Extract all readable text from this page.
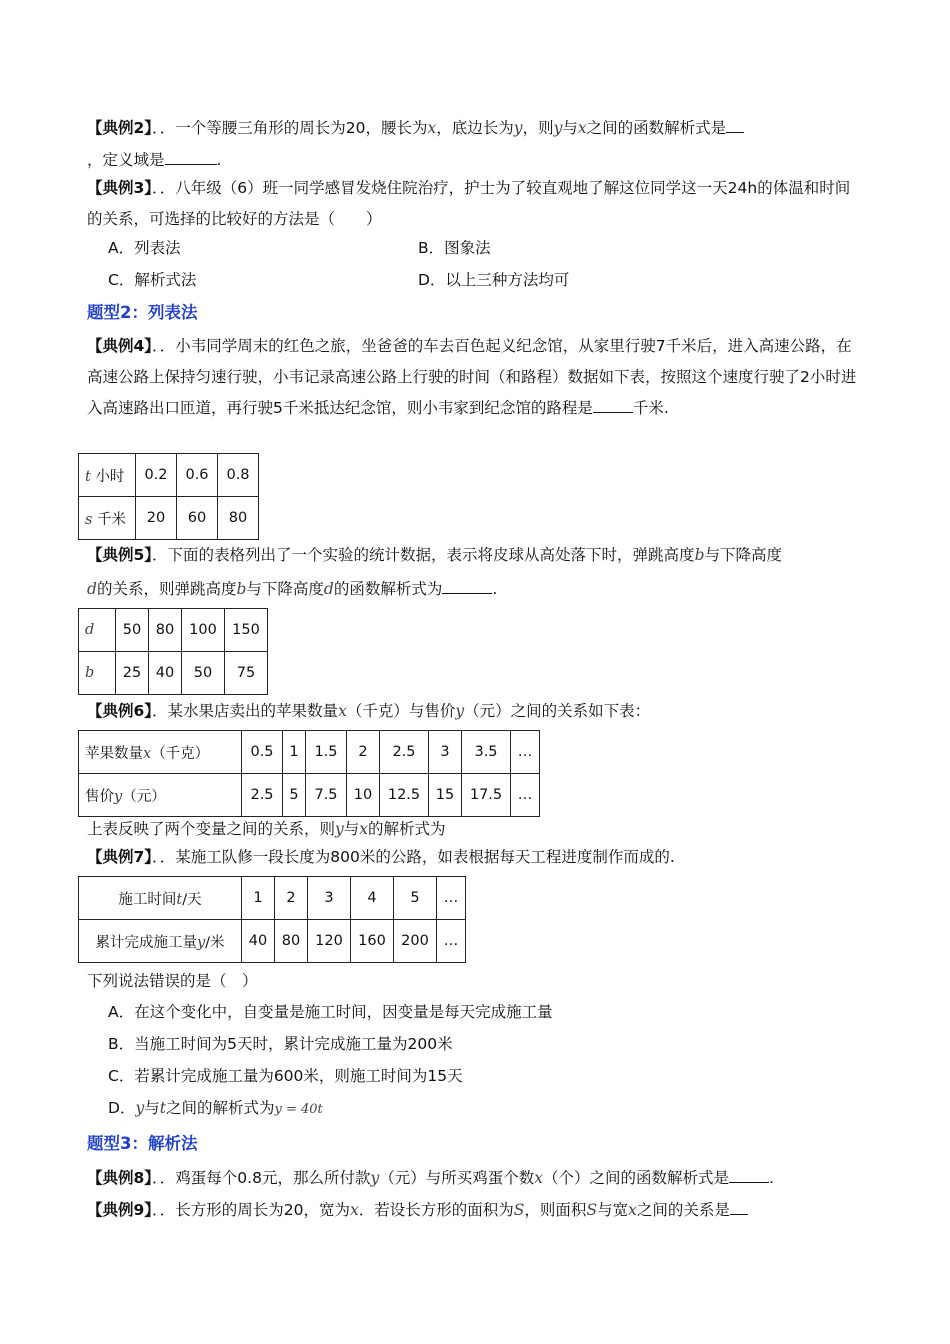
【典例2】．．一个等腰三角形的周长为20，腰长为x，底边长为y，则y与x之间的函数解析式是
，定义域是	.
【典例3】．．八年级（6）班一同学感冒发烧住院治疗，护士为了较直观地了解这位同学这一天24h的体温和时间的关系，可选择的比较好的方法是（　　）
A．列表法	B．图象法
C．解析式法	D．以上三种方法均可
题型2：列表法
【典例4】．．小韦同学周末的红色之旅，坐爸爸的车去百色起义纪念馆，从家里行驶7千米后，进入高速公路，在高速公路上保持匀速行驶，小韦记录高速公路上行驶的时间（和路程）数据如下表，按照这个速度行驶了2小时进入高速路出口匝道，再行驶5千米抵达纪念馆，则小韦家到纪念馆的路程是	千米.
t 小时	0.2	0.6	0.8
s 千米	20	60	80
【典例5】．下面的表格列出了一个实验的统计数据，表示将皮球从高处落下时，弹跳高度b与下降高度
d的关系，则弹跳高度b与下降高度d的函数解析式为	.
d	50	80	100	150
b	25	40	50	75
【典例6】．某水果店卖出的苹果数量x（千克）与售价y（元）之间的关系如下表：
苹果数量x（千克）	0.5	1	1.5	2	2.5	3	3.5	…
售价y（元）	2.5	5	7.5	10	12.5	15	17.5	…
上表反映了两个变量之间的关系，则y与x的解析式为
【典例7】．．某施工队修一段长度为800米的公路，如表根据每天工程进度制作而成的.
施工时间t/天	1	2	3	4	5	…
累计完成施工量y/米	40	80	120	160	200	…
下列说法错误的是（　）
A．在这个变化中，自变量是施工时间，因变量是每天完成施工量
B．当施工时间为5天时，累计完成施工量为200米
C．若累计完成施工量为600米，则施工时间为15天
D．y与t之间的解析式为y = 40t
题型3：解析法
【典例8】．．鸡蛋每个0.8元，那么所付款y（元）与所买鸡蛋个数x（个）之间的函数解析式是	.
【典例9】．．长方形的周长为20，宽为x．若设长方形的面积为S，则面积S与宽x之间的关系是
